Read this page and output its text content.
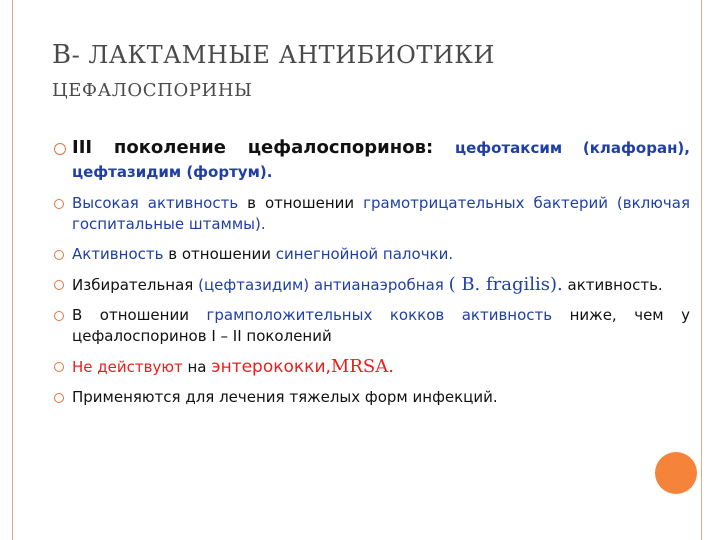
В- ЛАКТАМНЫЕ АНТИБИОТИКИ
ЦЕФАЛОСПОРИНЫ
III поколение цефалоспоринов: цефотаксим (клафоран), цефтазидим (фортум).
Высокая активность в отношении грамотрицательных бактерий (включая госпитальные штаммы).
Активность в отношении синегнойной палочки.
Избирательная (цефтазидим) антианаэробная ( В. fragilis). активность.
В отношении грамположительных кокков активность ниже, чем у цефалоспоринов I – II поколений
Не действуют на энтерококки,MRSA.
Применяются для лечения тяжелых форм инфекций.
